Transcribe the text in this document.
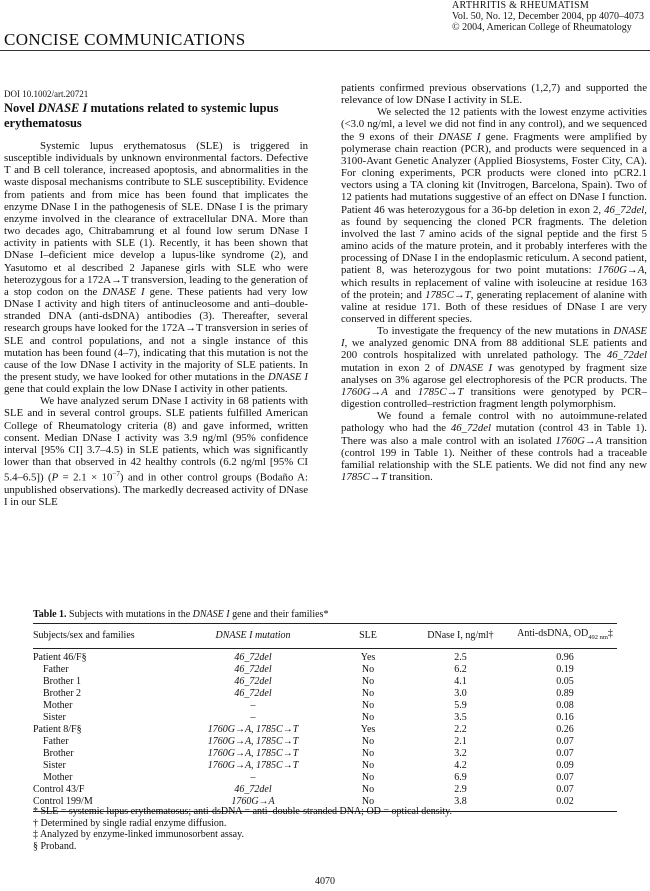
ARTHRITIS & RHEUMATISM
Vol. 50, No. 12, December 2004, pp 4070–4073
© 2004, American College of Rheumatology
CONCISE COMMUNICATIONS
DOI 10.1002/art.20721
Novel DNASE I mutations related to systemic lupus erythematosus

Systemic lupus erythematosus (SLE) is triggered in susceptible individuals by unknown environmental factors. Defective T and B cell tolerance, increased apoptosis, and abnormalities in the waste disposal mechanisms contribute to SLE susceptibility. Evidence from patients and from mice has been found that implicates the enzyme DNase I in the pathogenesis of SLE. DNase I is the primary enzyme involved in the clearance of extracellular DNA. More than two decades ago, Chitrabamrung et al found low serum DNase I activity in patients with SLE (1). Recently, it has been shown that DNase I–deficient mice develop a lupus-like syndrome (2), and Yasutomo et al described 2 Japanese girls with SLE who were heterozygous for a 172A→T transversion, leading to the generation of a stop codon on the DNASE I gene. These patients had very low DNase I activity and high titers of antinucleosome and anti–double-stranded DNA (anti-dsDNA) antibodies (3). Thereafter, several research groups have looked for the 172A→T transversion in series of SLE and control populations, and not a single instance of this mutation has been found (4–7), indicating that this mutation is not the cause of the low DNase I activity in the majority of SLE patients. In the present study, we have looked for other mutations in the DNASE I gene that could explain the low DNase I activity in other patients.

We have analyzed serum DNase I activity in 68 patients with SLE and in several control groups. SLE patients fulfilled American College of Rheumatology criteria (8) and gave informed, written consent. Median DNase I activity was 3.9 ng/ml (95% confidence interval [95% CI] 3.7–4.5) in SLE patients, which was significantly lower than that observed in 42 healthy controls (6.2 ng/ml [95% CI 5.4–6.5]) $(P = 2.1 \times 10^{-7})$ and in other control groups (Bodaño A: unpublished observations). The markedly decreased activity of DNase I in our SLE

patients confirmed previous observations (1,2,7) and supported the relevance of low DNase I activity in SLE.

We selected the 12 patients with the lowest enzyme activities (<3.0 ng/ml, a level we did not find in any control), and we sequenced the 9 exons of their DNASE I gene. Fragments were amplified by polymerase chain reaction (PCR), and products were sequenced in a 3100-Avant Genetic Analyzer (Applied Biosystems, Foster City, CA). For cloning experiments, PCR products were cloned into pCR2.1 vectors using a TA cloning kit (Invitrogen, Barcelona, Spain). Two of 12 patients had mutations suggestive of an effect on DNase I function. Patient 46 was heterozygous for a 36-bp deletion in exon 2, 46_72del, as found by sequencing the cloned PCR fragments. The deletion involved the last 7 amino acids of the signal peptide and the first 5 amino acids of the mature protein, and it probably interferes with the processing of DNase I in the endoplasmic reticulum. A second patient, patient 8, was heterozygous for two point mutations: 1760G→A, which results in replacement of valine with isoleucine at residue 163 of the protein; and 1785C→T, generating replacement of alanine with valine at residue 171. Both of these residues of DNase I are very conserved in different species.

To investigate the frequency of the new mutations in DNASE I, we analyzed genomic DNA from 88 additional SLE patients and 200 controls hospitalized with unrelated pathology. The 46_72del mutation in exon 2 of DNASE I was genotyped by fragment size analyses on 3% agarose gel electrophoresis of the PCR products. The 1760G→A and 1785C→T transitions were genotyped by PCR–digestion controlled–restriction fragment length polymorphism.

We found a female control with no autoimmune-related pathology who had the 46_72del mutation (control 43 in Table 1). There was also a male control with an isolated 1760G→A transition (control 199 in Table 1). Neither of these controls had a traceable familial relationship with the SLE patients. We did not find any new 1785C→T transition.

Table 1. Subjects with mutations in the DNASE I gene and their families*
Subjects/sex and families	DNASE I mutation	SLE	DNase I, ng/ml†	Anti-dsDNA, $OD_{492 nm}\ddagger$
Patient 46/F§	46_72del	Yes	2.5	0.96
Father	46_72del	No	6.2	0.19
Brother 1	46_72del	No	4.1	0.05
Brother 2	46_72del	No	3.0	0.89
Mother	–	No	5.9	0.08
Sister	–	No	3.5	0.16
Patient 8/F§	1760G→A, 1785C→T	Yes	2.2	0.26
Father	1760G→A, 1785C→T	No	2.1	0.07
Brother	1760G→A, 1785C→T	No	3.2	0.07
Sister	1760G→A, 1785C→T	No	4.2	0.09
Mother	–	No	6.9	0.07
Control 43/F	46_72del	No	2.9	0.07
Control 199/M	1760G→A	No	3.8	0.02
* SLE = systemic lupus erythematosus; anti-dsDNA = anti–double-stranded DNA; OD = optical density.
† Determined by single radial enzyme diffusion.
‡ Analyzed by enzyme-linked immunosorbent assay.
§ Proband.
4070
